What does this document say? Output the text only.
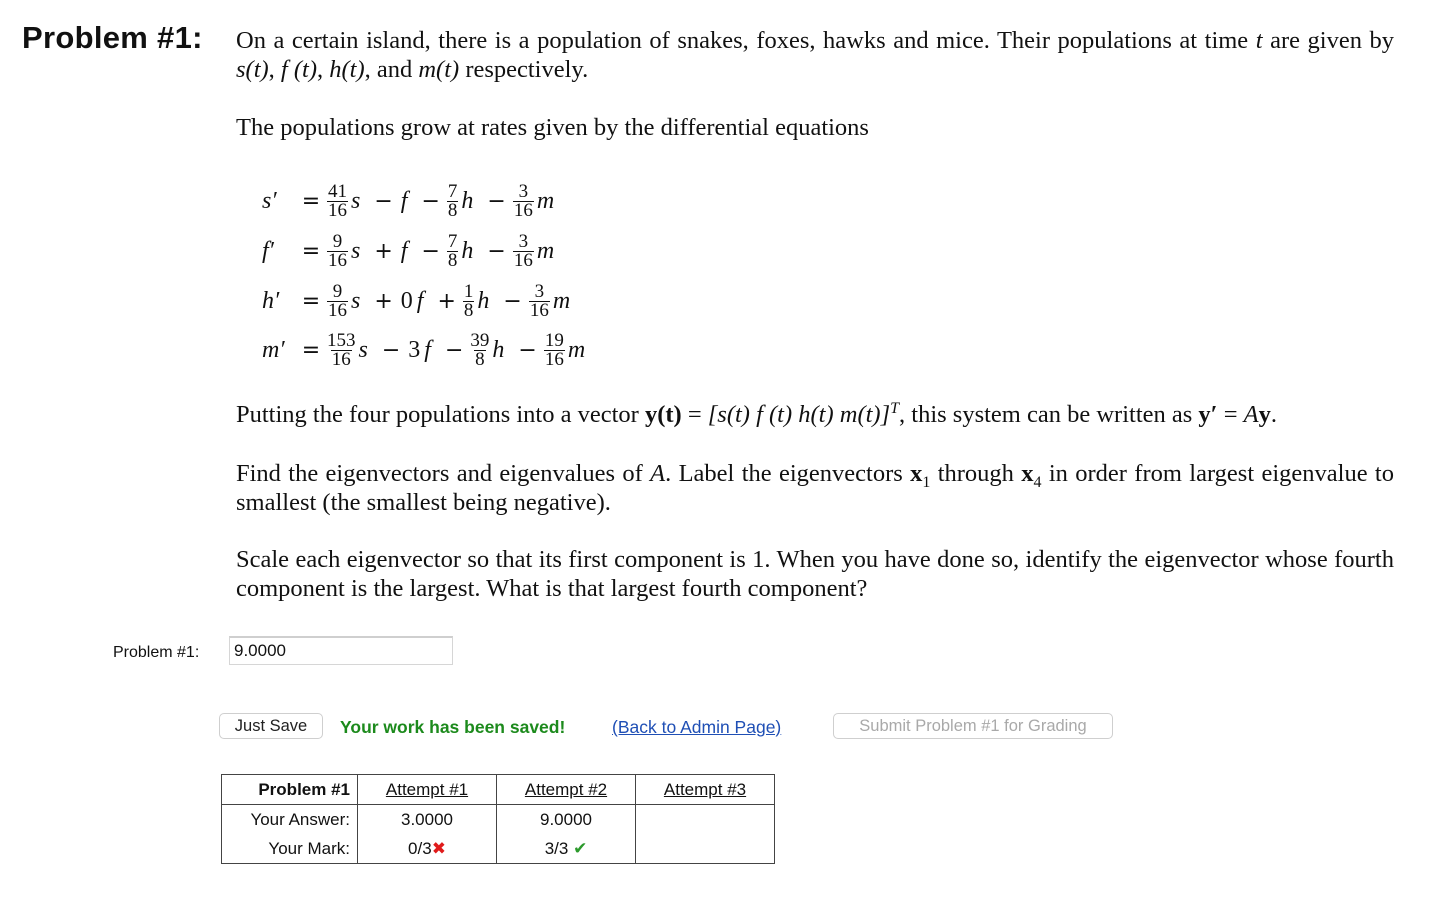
Problem #1: On a certain island, there is a population of snakes, foxes, hawks and mice. Their populations at time t are given by s(t), f (t), h(t), and m(t) respectively.
The populations grow at rates given by the differential equations
s′	= $\frac{41}{16}$ $s - f - \frac{7}{8}$ $h - \frac{3}{16}$ m
f′	= $\frac{9}{16}$ $s + f - \frac{7}{8}$ $h - \frac{3}{16}$ m
h′	= $\frac{9}{16}$ s + 0 $f + \frac{1}{8}$ $h - \frac{3}{16}$ m
$m' = \frac{153}{16}$ s − 3 $f - \frac{39}{8}$ $h - \frac{19}{16}$ m
Putting the four populations into a vector y(t) = [s(t) f (t) h(t) m(t)]$^T$, this system can be written as y′ = Ay.
Find the eigenvectors and eigenvalues of A. Label the eigenvectors $x_1$ through $x_4$ in order from largest eigenvalue to smallest (the smallest being negative).
Scale each eigenvector so that its first component is 1. When you have done so, identify the eigenvector whose fourth component is the largest. What is that largest fourth component?
Problem #1:
9.0000
Just Save	Your work has been saved!	(Back to Admin Page)	Submit Problem #1 for Grading
Problem #1	Attempt #1	Attempt #2	Attempt #3
Your Answer:	3.0000	9.0000	
Your Mark:	0/3✖	3/3 ✔	
